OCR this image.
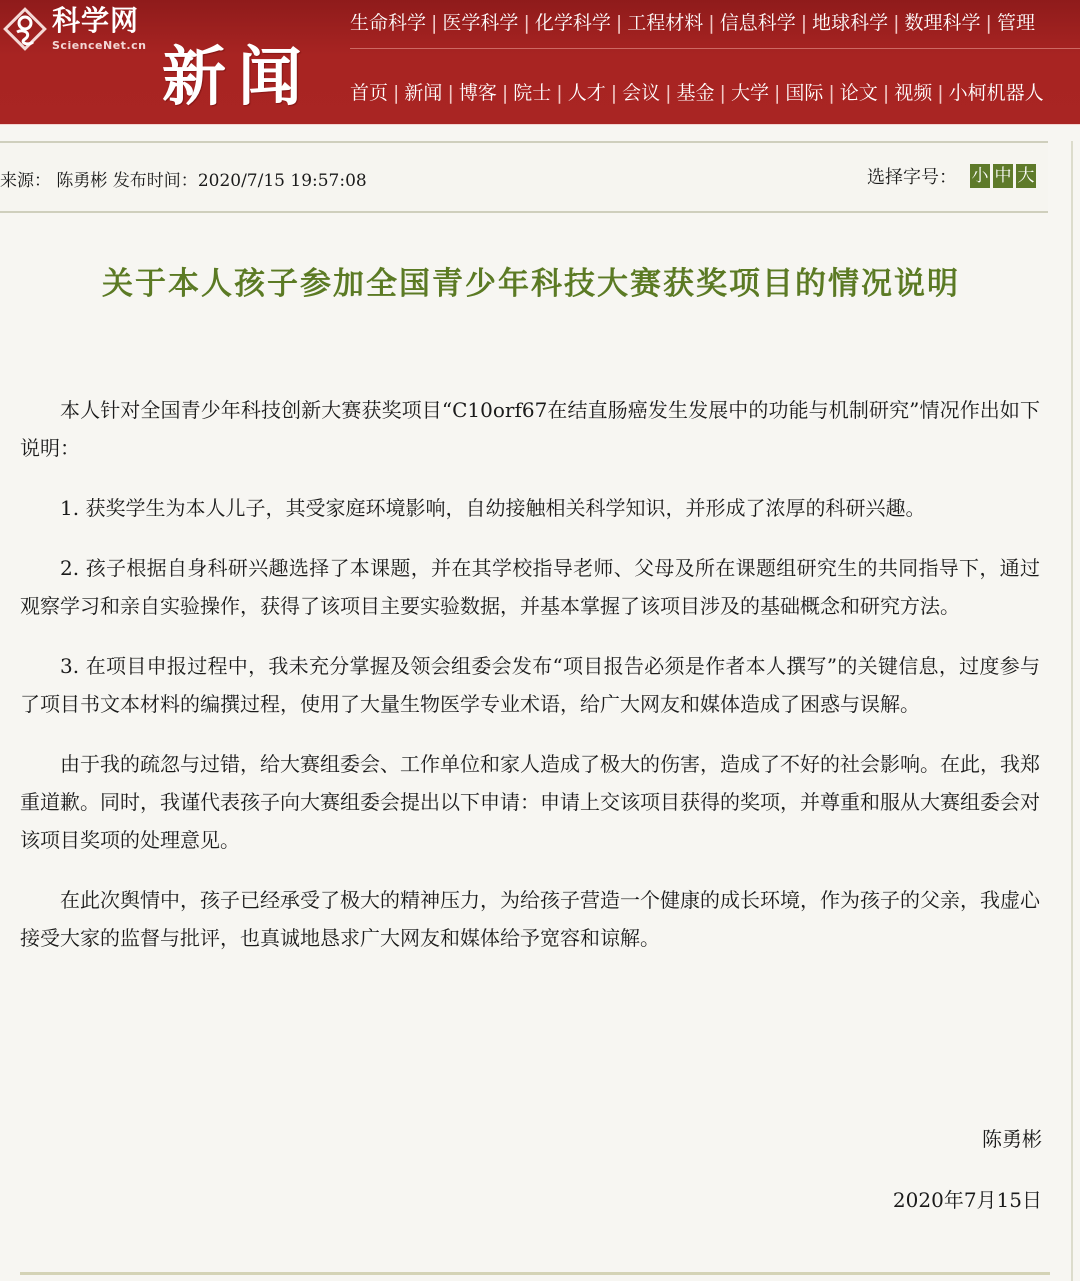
科学网
ScienceNet.cn 新闻
生命科学 | 医学科学 | 化学科学 | 工程材料 | 信息科学 | 地球科学 | 数理科学 | 管理
首页 | 新闻 | 博客 | 院士 | 人才 | 会议 | 基金 | 大学 | 国际 | 论文 | 视频 | 小柯机器人
来源： 陈勇彬 发布时间：2020/7/15 19:57:08	选择字号： 小 中 大
关于本人孩子参加全国青少年科技大赛获奖项目的情况说明

本人针对全国青少年科技创新大赛获奖项目“C10orf67在结直肠癌发生发展中的功能与机制研究”情况作出如下说明：

1. 获奖学生为本人儿子，其受家庭环境影响，自幼接触相关科学知识，并形成了浓厚的科研兴趣。

2. 孩子根据自身科研兴趣选择了本课题，并在其学校指导老师、父母及所在课题组研究生的共同指导下，通过观察学习和亲自实验操作，获得了该项目主要实验数据，并基本掌握了该项目涉及的基础概念和研究方法。

3. 在项目申报过程中，我未充分掌握及领会组委会发布“项目报告必须是作者本人撰写”的关键信息，过度参与了项目书文本材料的编撰过程，使用了大量生物医学专业术语，给广大网友和媒体造成了困惑与误解。

由于我的疏忽与过错，给大赛组委会、工作单位和家人造成了极大的伤害，造成了不好的社会影响。在此，我郑重道歉。同时，我谨代表孩子向大赛组委会提出以下申请：申请上交该项目获得的奖项，并尊重和服从大赛组委会对该项目奖项的处理意见。

在此次舆情中，孩子已经承受了极大的精神压力，为给孩子营造一个健康的成长环境，作为孩子的父亲，我虚心接受大家的监督与批评，也真诚地恳求广大网友和媒体给予宽容和谅解。

陈勇彬
2020年7月15日
